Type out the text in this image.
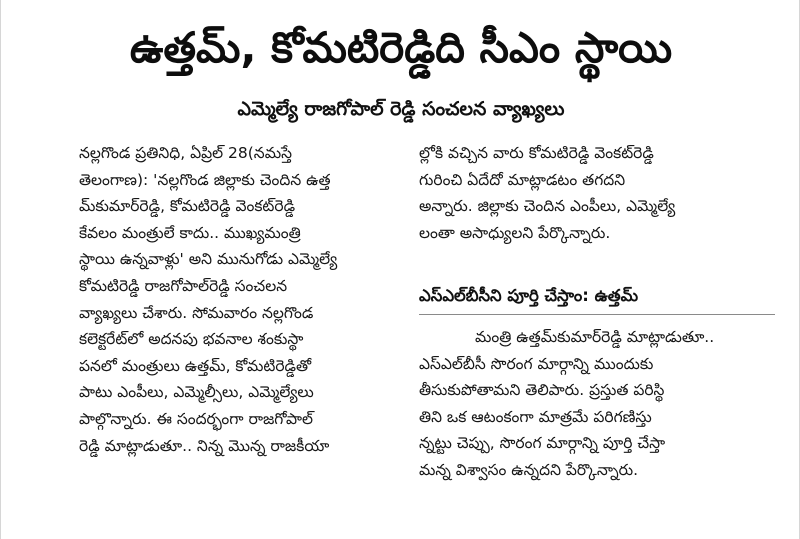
ఉత్తమ్, కోమటిరెడ్డిది సీఎం స్థాయి
ఎమ్మెల్యే రాజగోపాల్ రెడ్డి సంచలన వ్యాఖ్యలు
నల్లగొండ ప్రతినిధి, ఏప్రిల్ 28(నమస్తే
తెలంగాణ): 'నల్లగొండ జిల్లాకు చెందిన ఉత్త
మ్‌కుమార్‌రెడ్డి, కోమటిరెడ్డి వెంకట్‌రెడ్డి
కేవలం మంత్రులే కాదు.. ముఖ్యమంత్రి
స్థాయి ఉన్నవాళ్లు' అని మునుగోడు ఎమ్మెల్యే
కోమటిరెడ్డి రాజగోపాల్‌రెడ్డి సంచలన
వ్యాఖ్యలు చేశారు. సోమవారం నల్లగొండ
కలెక్టరేట్‌లో అదనపు భవనాల శంకుస్థా
పనలో మంత్రులు ఉత్తమ్, కోమటిరెడ్డితో
పాటు ఎంపీలు, ఎమ్మెల్సీలు, ఎమ్మెల్యేలు
పాల్గొన్నారు. ఈ సందర్భంగా రాజగోపాల్
రెడ్డి మాట్లాడుతూ.. నిన్న మొన్న రాజకీయా
ల్లోకి వచ్చిన వారు కోమటిరెడ్డి వెంకట్‌రెడ్డి
గురించి ఏదేదో మాట్లాడటం తగదని
అన్నారు. జిల్లాకు చెందిన ఎంపీలు, ఎమ్మెల్యే
లంతా అసాధ్యులని పేర్కొన్నారు.
ఎస్‌ఎల్‌బీసీని పూర్తి చేస్తాం: ఉత్తమ్
మంత్రి ఉత్తమ్‌కుమార్‌రెడ్డి మాట్లాడుతూ..
ఎస్‌ఎల్‌బీసీ సొరంగ మార్గాన్ని ముందుకు
తీసుకుపోతామని తెలిపారు. ప్రస్తుత పరిస్థి
తిని ఒక ఆటంకంగా మాత్రమే పరిగణిస్తు
న్నట్టు చెప్పు, సొరంగ మార్గాన్ని పూర్తి చేస్తా
మన్న విశ్వాసం ఉన్నదని పేర్కొన్నారు.
